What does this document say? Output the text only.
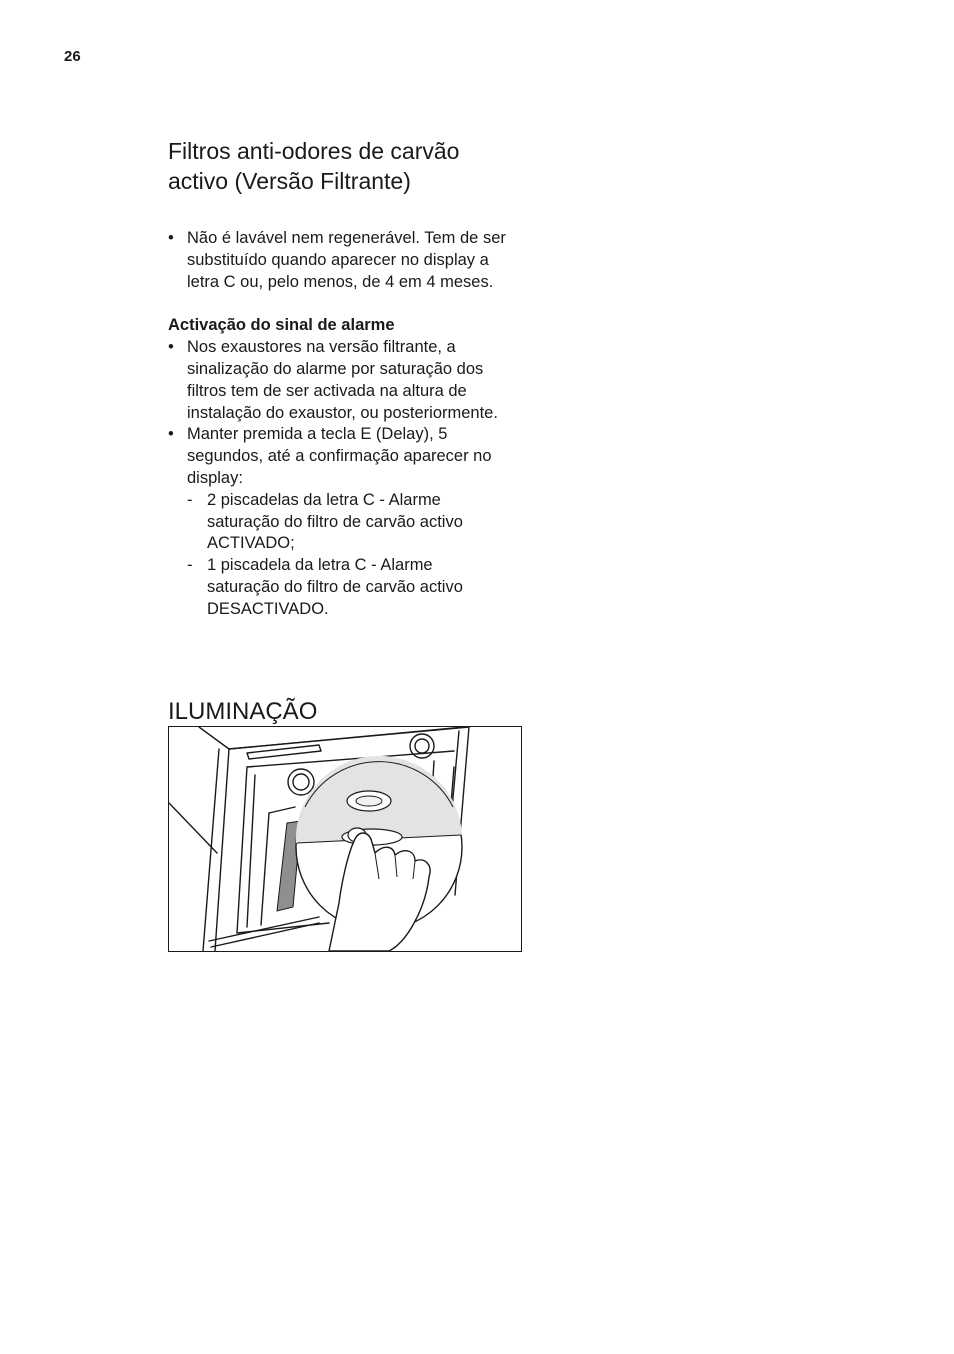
26
Filtros anti-odores de carvão
activo (Versão Filtrante)
• Não é lavável nem regenerável. Tem de ser substituído quando aparecer no display a letra C ou, pelo menos, de 4 em 4 meses.
Activação do sinal de alarme
• Nos exaustores na versão filtrante, a sinalização do alarme por saturação dos filtros tem de ser activada na altura de instalação do exaustor, ou posteriormente.
• Manter premida a tecla E (Delay), 5 segundos, até a confirmação aparecer no display:
- 2 piscadelas da letra C - Alarme saturação do filtro de carvão activo ACTIVADO;
- 1 piscadela da letra C - Alarme saturação do filtro de carvão activo DESACTIVADO.
ILUMINAÇÃO
